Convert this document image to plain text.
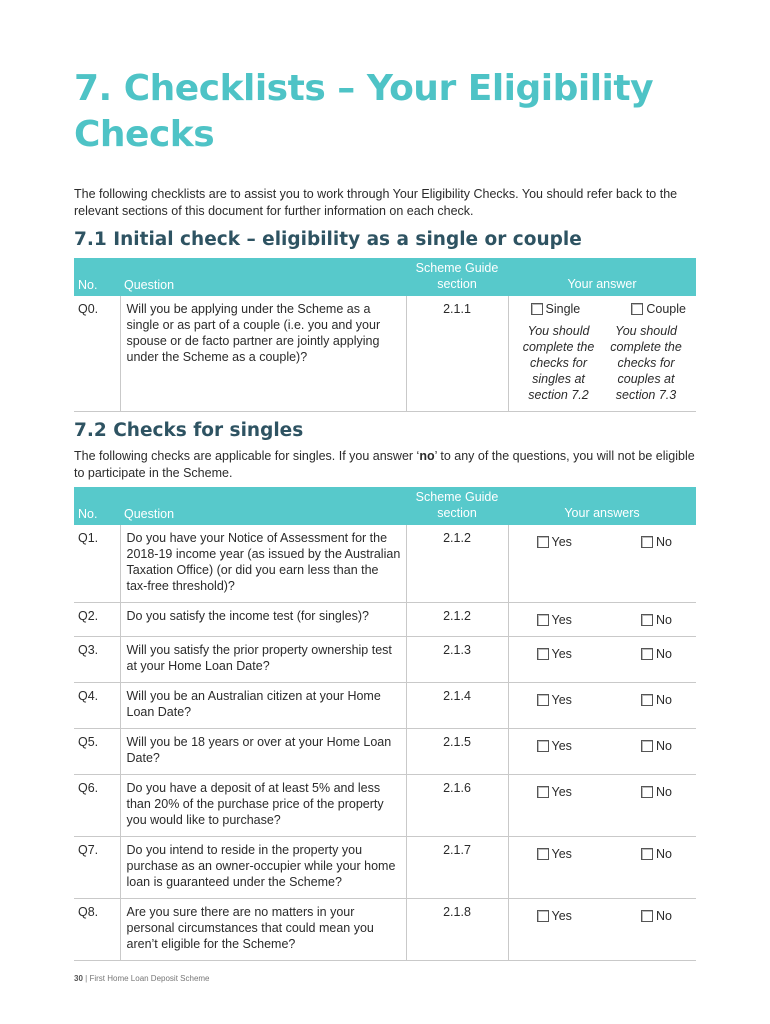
7. Checklists – Your Eligibility Checks

The following checklists are to assist you to work through Your Eligibility Checks. You should refer back to the relevant sections of this document for further information on each check.

7.1 Initial check – eligibility as a single or couple
No.	Question	Scheme Guide section	Your answer
Q0.	Will you be applying under the Scheme as a single or as part of a couple (i.e. you and your spouse or de facto partner are jointly applying under the Scheme as a couple)?	2.1.1	Single Couple
You should complete the checks for singles at section 7.2
You should complete the checks for couples at section 7.3
7.2 Checks for singles

The following checks are applicable for singles. If you answer ‘no’ to any of the questions, you will not be eligible to participate in the Scheme.

No.	Question	Scheme Guide section	Your answers
Q1.	Do you have your Notice of Assessment for the 2018-19 income year (as issued by the Australian Taxation Office) (or did you earn less than the tax-free threshold)?	2.1.2	Yes No

Q2.	Do you satisfy the income test (for singles)?	2.1.2	Yes No

Q3.	Will you satisfy the prior property ownership test at your Home Loan Date?	2.1.3	Yes No

Q4.	Will you be an Australian citizen at your Home Loan Date?	2.1.4	Yes No

Q5.	Will you be 18 years or over at your Home Loan Date?	2.1.5	Yes No

Q6.	Do you have a deposit of at least 5% and less than 20% of the purchase price of the property you would like to purchase?	2.1.6	Yes No

Q7.	Do you intend to reside in the property you purchase as an owner-occupier while your home loan is guaranteed under the Scheme?	2.1.7	Yes No

Q8.	Are you sure there are no matters in your personal circumstances that could mean you aren’t eligible for the Scheme?	2.1.8	Yes No
30 | First Home Loan Deposit Scheme
